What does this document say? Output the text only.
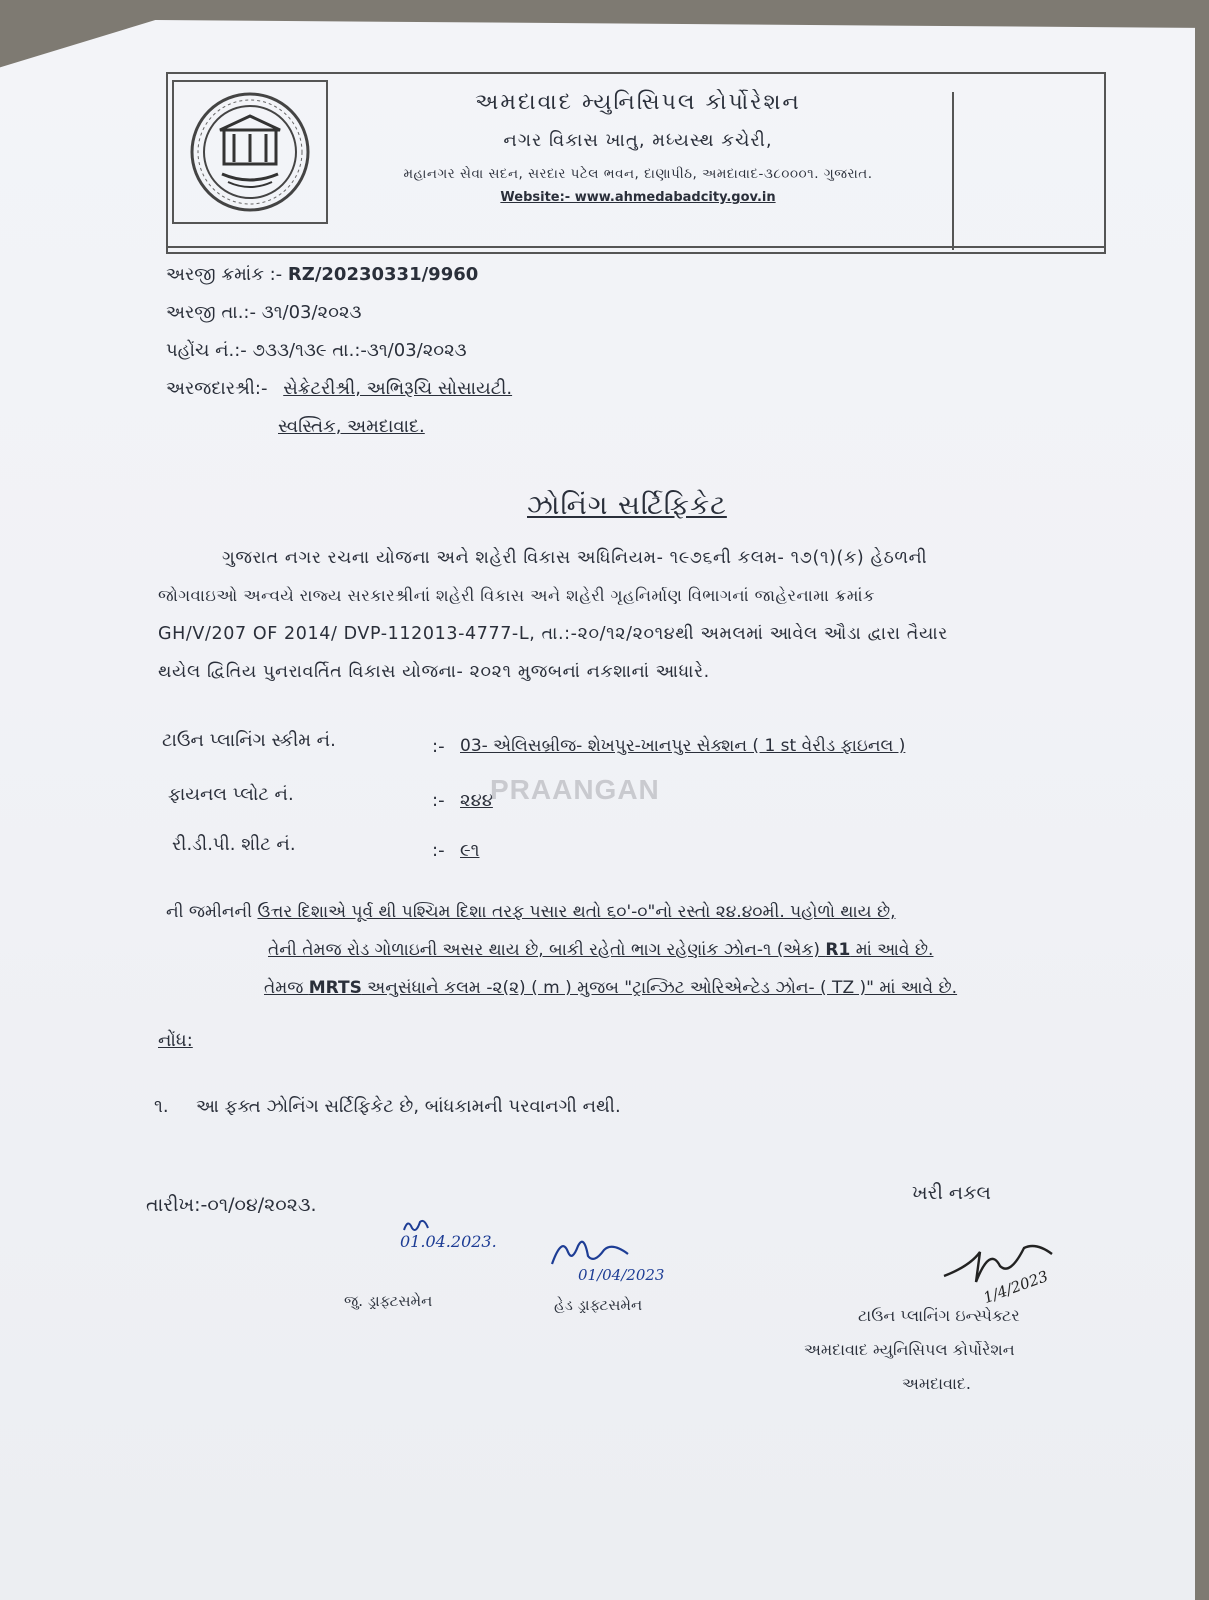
અમદાવાદ મ્યુનિસિપલ કોર્પોરેશન
નગર વિકાસ ખાતુ, મધ્યસ્થ કચેરી,
મહાનગર સેવા સદન, સરદાર પટેલ ભવન, દાણાપીઠ, અમદાવાદ-૩૮૦૦૦૧. ગુજરાત.
Website:- www.ahmedabadcity.gov.in
અરજી ક્રમાંક :- RZ/20230331/9960
અરજી તા.:- ૩૧/03/૨૦૨૩
પહોંચ નં.:- ૭૩૩/૧૩૯ તા.:-૩૧/03/૨૦૨૩
અરજદારશ્રી:- સેક્રેટરીશ્રી, અભિરૂચિ સોસાયટી.
સ્વસ્તિક, અમદાવાદ.
ઝોનિંગ સર્ટિફિકેટ
ગુજરાત નગર રચના યોજના અને શહેરી વિકાસ અધિનિયમ- ૧૯૭૬ની કલમ- ૧૭(૧)(ક) હેઠળની
જોગવાઇઓ અન્વયે રાજ્ય સરકારશ્રીનાં શહેરી વિકાસ અને શહેરી ગૃહનિર્માણ વિભાગનાં જાહેરનામા ક્રમાંક
GH/V/207 OF 2014/ DVP-112013-4777-L, તા.:-૨૦/૧૨/૨૦૧૪થી અમલમાં આવેલ ઔડા દ્વારા તૈયાર
થયેલ દ્વિતિય પુનરાવર્તિત વિકાસ યોજના- ૨૦૨૧ મુજબનાં નકશાનાં આધારે.
ટાઉન પ્લાનિંગ સ્કીમ નં.	:- 03- એલિસબ્રીજ- શેખપુર-ખાનપુર સેક્શન ( 1 st વેરીડ ફાઇનલ )
ફાયનલ પ્લોટ નં.	:- ૨૪૪
રી.ડી.પી. શીટ નં.	:- ૯૧
PRAANGAN
ની જમીનની ઉત્તર દિશાએ પૂર્વ થી પશ્ચિમ દિશા તરફ પસાર થતો ૬૦'-૦"નો રસ્તો ૨૪.૪૦મી. પહોળો થાય છે,
તેની તેમજ રોડ ગોળાઇની અસર થાય છે, બાકી રહેતો ભાગ રહેણાંક ઝોન-૧ (એક) R1 માં આવે છે.
તેમજ MRTS અનુસંધાને કલમ -૨(૨) ( m ) મુજબ "ટ્રાન્ઝિટ ઓરિએન્ટેડ ઝોન- ( TZ )" માં આવે છે.
નોંધ:
૧. આ ફક્ત ઝોનિંગ સર્ટિફિકેટ છે, બાંધકામની પરવાનગી નથી.
તારીખ:-૦૧/૦૪/૨૦૨૩.
ખરી નકલ
01.04.2023.
જુ. ડ્રાફ્ટસમેન
01/04/2023
હેડ ડ્રાફ્ટસમેન	1/4/2023
ટાઉન પ્લાનિંગ ઇન્સ્પેક્ટર
અમદાવાદ મ્યુનિસિપલ કોર્પોરેશન
અમદાવાદ.
